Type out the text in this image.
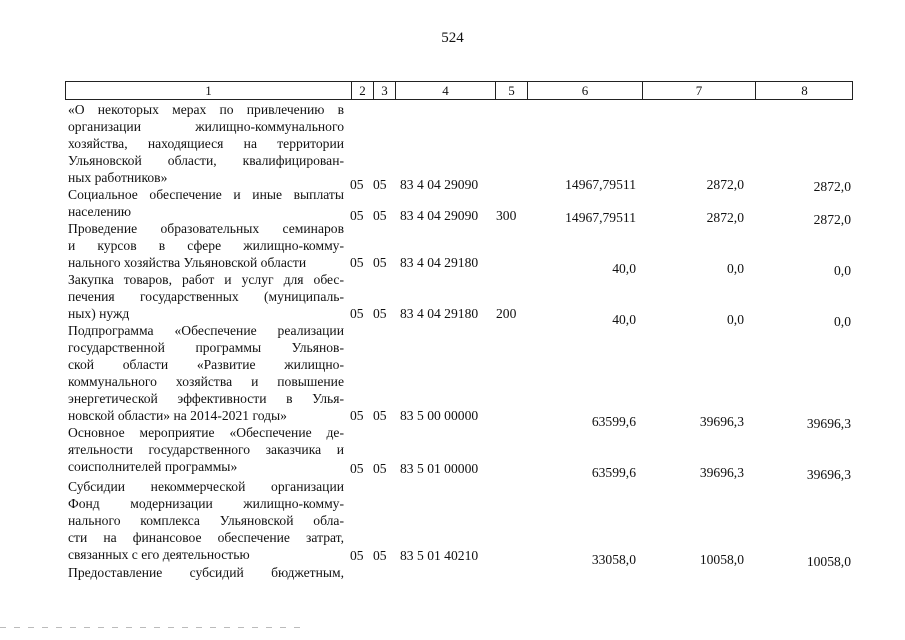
524
1	2	3	4	5	6	7	8
«О некоторых мерах по привлечению в
организации жилищно-коммунального
хозяйства, находящиеся на территории
Ульяновской области, квалифицирован-
ных работников»	05 05 83 4 04 29090	14967,79511	2872,0	2872,0
Социальное обеспечение и иные выплаты
населению	05 05 83 4 04 29090 300	14967,79511	2872,0	2872,0
Проведение образовательных семинаров
и курсов в сфере жилищно-комму-
нального хозяйства Ульяновской области	05 05 83 4 04 29180	40,0	0,0	0,0
Закупка товаров, работ и услуг для обес-
печения государственных (муниципаль-
ных) нужд	05 05 83 4 04 29180 200	40,0	0,0	0,0
Подпрограмма «Обеспечение реализации
государственной программы Ульянов-
ской области «Развитие жилищно-
коммунального хозяйства и повышение
энергетической эффективности в Улья-
новской области» на 2014-2021 годы»	05 05 83 5 00 00000	63599,6	39696,3	39696,3
Основное мероприятие «Обеспечение де-
ятельности государственного заказчика и
соисполнителей программы»	05 05 83 5 01 00000	63599,6	39696,3	39696,3
Субсидии некоммерческой организации
Фонд модернизации жилищно-комму-
нального комплекса Ульяновской обла-
сти на финансовое обеспечение затрат,
связанных с его деятельностью	05 05 83 5 01 40210	33058,0	10058,0	10058,0
Предоставление субсидий бюджетным,
